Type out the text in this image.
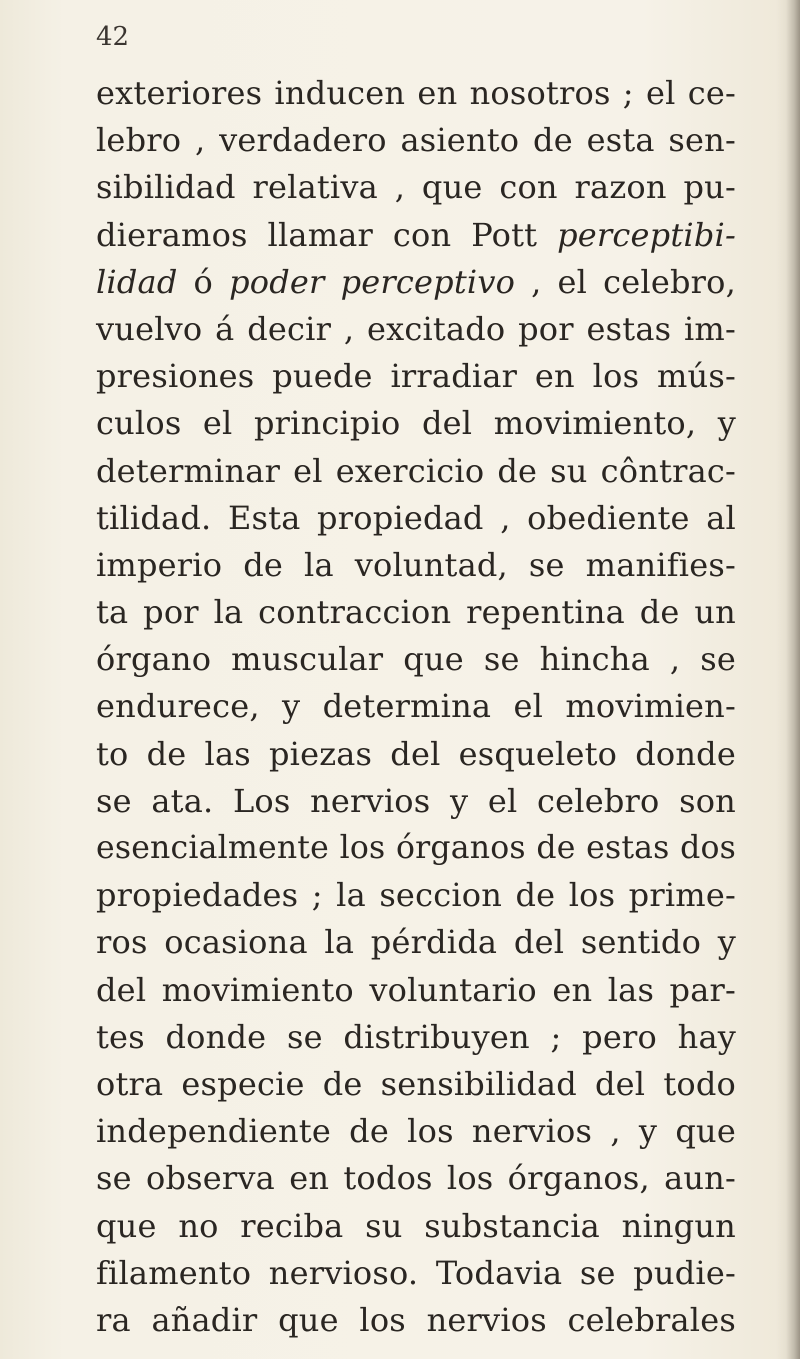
42
exteriores inducen en nosotros ; el ce-
lebro , verdadero asiento de esta sen-
sibilidad relativa , que con razon pu-
dieramos llamar con Pott perceptibi-
lidad ó poder perceptivo , el celebro,
vuelvo á decir , excitado por estas im-
presiones puede irradiar en los mús-
culos el principio del movimiento, y
determinar el exercicio de su côntrac-
tilidad. Esta propiedad , obediente al
imperio de la voluntad, se manifies-
ta por la contraccion repentina de un
órgano muscular que se hincha , se
endurece, y determina el movimien-
to de las piezas del esqueleto donde
se ata. Los nervios y el celebro son
esencialmente los órganos de estas dos
propiedades ; la seccion de los prime-
ros ocasiona la pérdida del sentido y
del movimiento voluntario en las par-
tes donde se distribuyen ; pero hay
otra especie de sensibilidad del todo
independiente de los nervios , y que
se observa en todos los órganos, aun-
que no reciba su substancia ningun
filamento nervioso. Todavia se pudie-
ra añadir que los nervios celebrales
